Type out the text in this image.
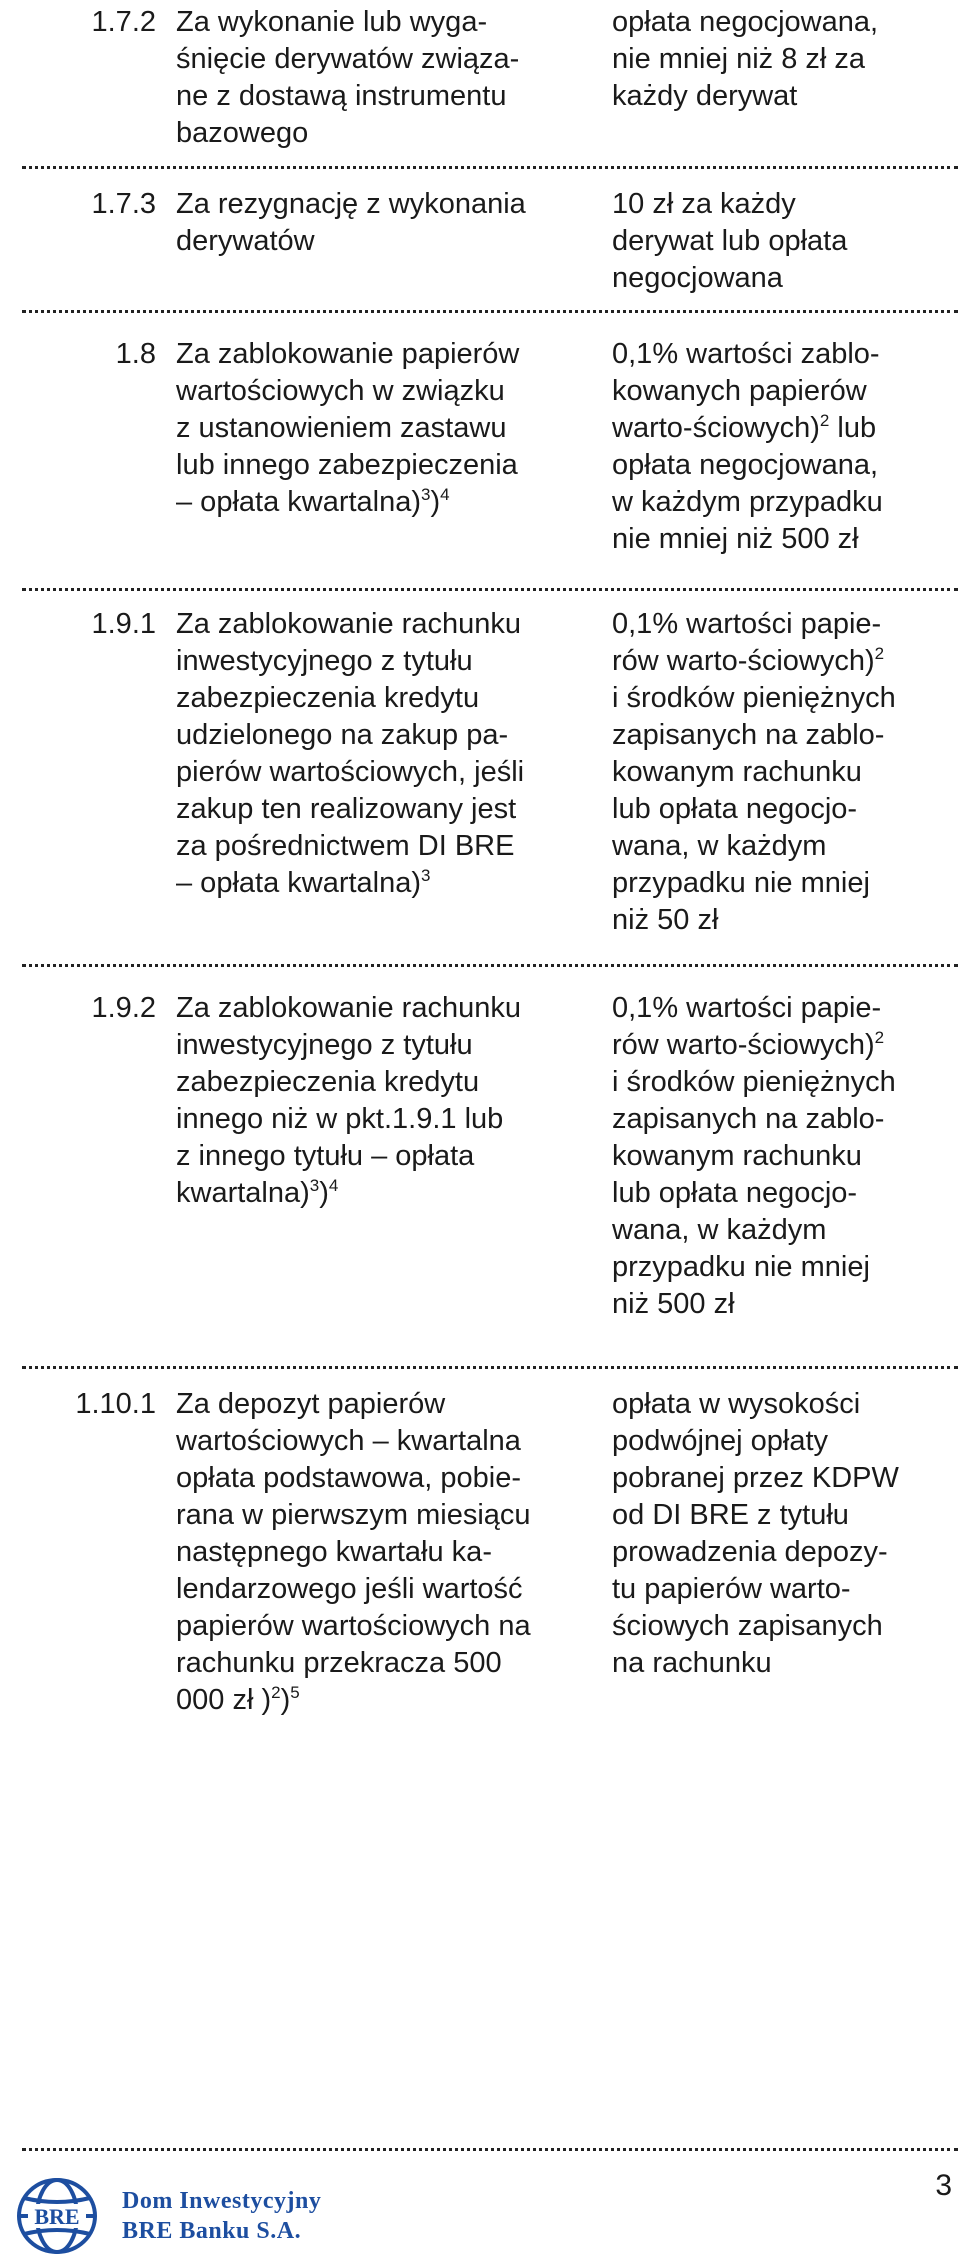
1.7.2 Za wykonanie lub wyga-
śnięcie derywatów związa-
ne z dostawą instrumentu
bazowego
opłata negocjowana,
nie mniej niż 8 zł za
każdy derywat
1.7.3 Za rezygnację z wykonania
derywatów
10 zł za każdy
derywat lub opłata
negocjowana
1.8 Za zablokowanie papierów
wartościowych w związku
z ustanowieniem zastawu
lub innego zabezpieczenia
– opłata kwartalna)$^3$)$^4$
0,1% wartości zablo-
kowanych papierów
warto-ściowych)$^2$ lub
opłata negocjowana,
w każdym przypadku
nie mniej niż 500 zł
1.9.1 Za zablokowanie rachunku
inwestycyjnego z tytułu
zabezpieczenia kredytu
udzielonego na zakup pa-
pierów wartościowych, jeśli
zakup ten realizowany jest
za pośrednictwem DI BRE
– opłata kwartalna)$^3$
0,1% wartości papie-
rów warto-ściowych)$^2$
i środków pieniężnych
zapisanych na zablo-
kowanym rachunku
lub opłata negocjo-
wana, w każdym
przypadku nie mniej
niż 50 zł
1.9.2 Za zablokowanie rachunku
inwestycyjnego z tytułu
zabezpieczenia kredytu
innego niż w pkt.1.9.1 lub
z innego tytułu – opłata
kwartalna)$^3$)$^4$
0,1% wartości papie-
rów warto-ściowych)$^2$
i środków pieniężnych
zapisanych na zablo-
kowanym rachunku
lub opłata negocjo-
wana, w każdym
przypadku nie mniej
niż 500 zł
1.10.1 Za depozyt papierów
wartościowych – kwartalna
opłata podstawowa, pobie-
rana w pierwszym miesiącu
następnego kwartału ka-
lendarzowego jeśli wartość
papierów wartościowych na
rachunku przekracza 500
000 zł )$^2$)$^5$
opłata w wysokości
podwójnej opłaty
pobranej przez KDPW
od DI BRE z tytułu
prowadzenia depozy-
tu papierów warto-
ściowych zapisanych
na rachunku
BRE
Dom Inwestycyjny
BRE Banku S.A.
3
